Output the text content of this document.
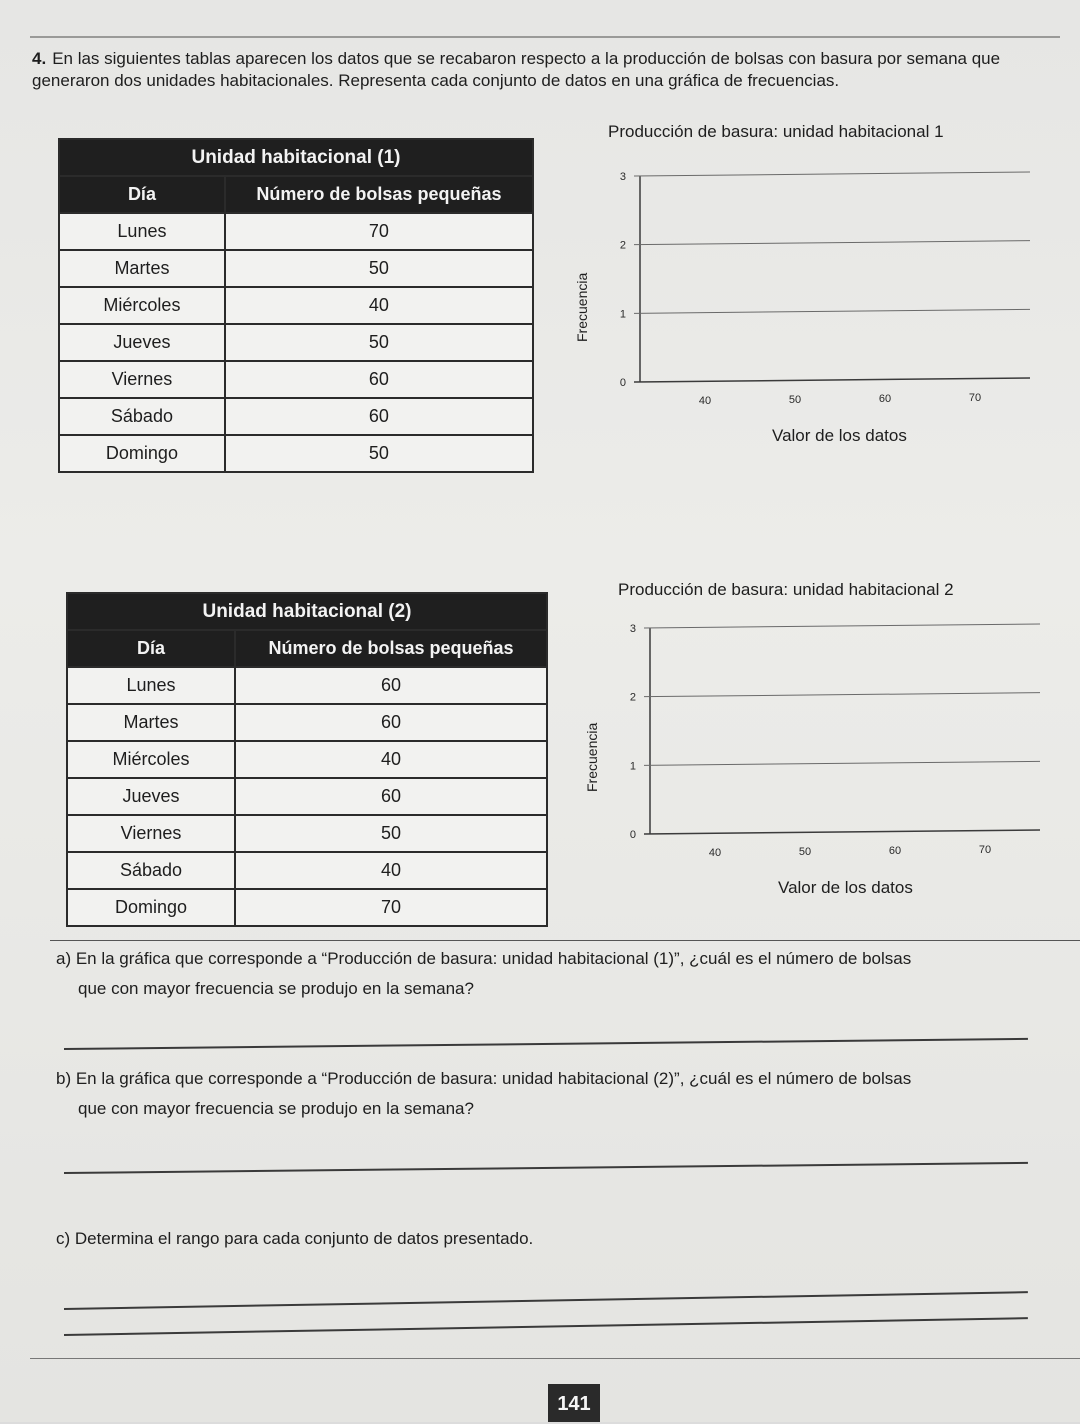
4. En las siguientes tablas aparecen los datos que se recabaron respecto a la producción de bolsas con basura por semana que generaron dos unidades habitacionales. Representa cada conjunto de datos en una gráfica de frecuencias.
Unidad habitacional (1)	
Día	Número de bolsas pequeñas
Lunes	70
Martes	50
Miércoles	40
Jueves	50
Viernes	60
Sábado	60
Domingo	50
Producción de basura: unidad habitacional 1
0
1
2
3
40	50	60	70
Frecuencia
Valor de los datos
Unidad habitacional (2)	
Día	Número de bolsas pequeñas
Lunes	60
Martes	60
Miércoles	40
Jueves	60
Viernes	50
Sábado	40
Domingo	70
Producción de basura: unidad habitacional 2
0
1
2
3
40	50	60	70
Frecuencia
Valor de los datos
a) En la gráfica que corresponde a “Producción de basura: unidad habitacional (1)”, ¿cuál es el número de bolsas
que con mayor frecuencia se produjo en la semana?
b) En la gráfica que corresponde a “Producción de basura: unidad habitacional (2)”, ¿cuál es el número de bolsas
que con mayor frecuencia se produjo en la semana?
c) Determina el rango para cada conjunto de datos presentado.
141
